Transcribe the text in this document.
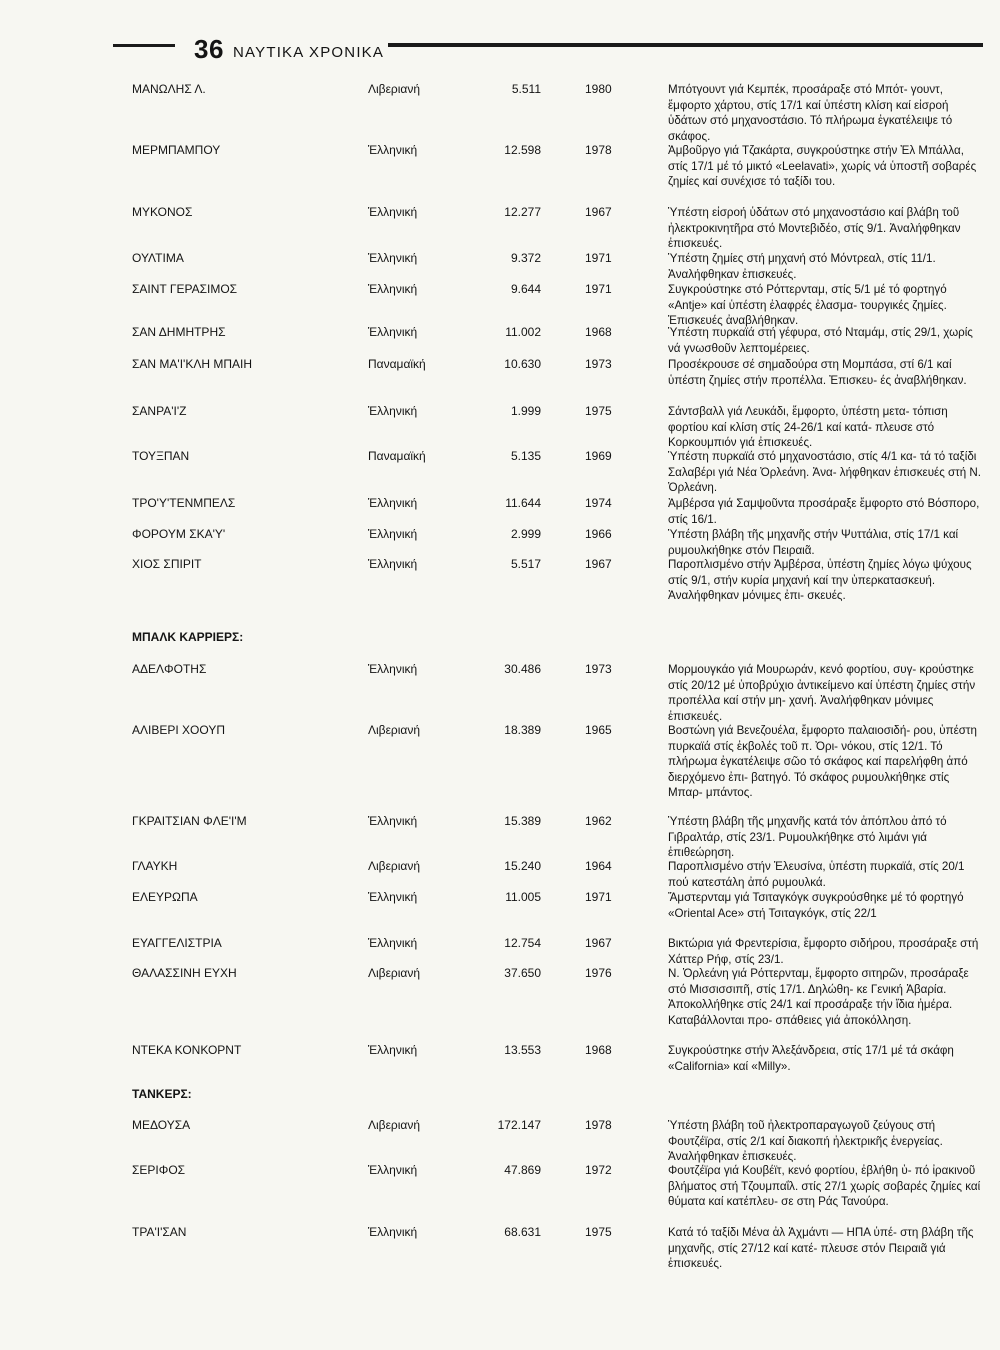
36 ΝΑΥΤΙΚΑ ΧΡΟΝΙΚΑ
ΜΑΝΩΛΗΣ Λ.	Λιβεριανή	5.511	1980	Μπότγουντ γιά Κεμπέκ, προσάραξε στό Μπότ- γουντ, ἔμφορτο χάρτου, στίς 17/1 καί ὑπέστη κλίση καί εἰσροή ὑδάτων στό μηχανοστάσιο. Τό πλήρωμα ἐγκατέλειψε τό σκάφος.
ΜΕΡΜΠΑΜΠΟΥ	Ἑλληνική	12.598	1978	Ἀμβοῦργο γιά Τζακάρτα, συγκρούστηκε στήν Ἐλ Μπάλλα, στίς 17/1 μέ τό μικτό «Leelavati», χωρίς νά ὑποστῆ σοβαρές ζημίες καί συνέχισε τό ταξίδι του.
ΜΥΚΟΝΟΣ	Ἑλληνική	12.277	1967	Ὑπέστη εἰσροή ὑδάτων στό μηχανοστάσιο καί βλάβη τοῦ ἠλεκτροκινητῆρα στό Μοντεβιδέο, στίς 9/1. Ἀναλήφθηκαν ἐπισκευές.
ΟΥΛΤΙΜΑ	Ἑλληνική	9.372	1971	Ὑπέστη ζημίες στή μηχανή στό Μόντρεαλ, στίς 11/1. Ἀναλήφθηκαν ἐπισκευές.
ΣΑΙΝΤ ΓΕΡΑΣΙΜΟΣ	Ἑλληνική	9.644	1971	Συγκρούστηκε στό Ρόττερνταμ, στίς 5/1 μέ τό φορτηγό «Antje» καί ὑπέστη ἐλαφρές ἐλασμα- τουργικές ζημίες. Ἐπισκευές ἀναβλήθηκαν.
ΣΑΝ ΔΗΜΗΤΡΗΣ	Ἑλληνική	11.002	1968	Ὑπέστη πυρκαϊά στή γέφυρα, στό Νταμάμ, στίς 29/1, χωρίς νά γνωσθοῦν λεπτομέρειες.
ΣΑΝ ΜΑ'Ι'ΚΛΗ ΜΠΑΙΗ	Παναμαϊκή	10.630	1973	Προσέκρουσε σέ σημαδούρα στη Μομπάσα, στί 6/1 καί ὑπέστη ζημίες στήν προπέλλα. Ἐπισκευ- ές ἀναβλήθηκαν.
ΣΑΝΡΑ'Ι'Ζ	Ἑλληνική	1.999	1975	Σάντσβαλλ γιά Λευκάδι, ἔμφορτο, ὑπέστη μετα- τόπιση φορτίου καί κλίση στίς 24-26/1 καί κατά- πλευσε στό Κορκουμπιόν γιά ἐπισκευές.
ΤΟΥΞΠΑΝ	Παναμαϊκή	5.135	1969	Ὑπέστη πυρκαϊά στό μηχανοστάσιο, στίς 4/1 κα- τά τό ταξίδι Σαλαβέρι γιά Νέα Ὀρλεάνη. Ἀνα- λήφθηκαν ἐπισκευές στή Ν. Ὀρλεάνη.
ΤΡΟ'Υ'ΤΕΝΜΠΕΛΣ	Ἑλληνική	11.644	1974	Ἀμβέρσα γιά Σαμψοῦντα προσάραξε ἔμφορτο στό Βόσπορο, στίς 16/1.
ΦΟΡΟΥΜ ΣΚΑ'Υ'	Ἑλληνική	2.999	1966	Ὑπέστη βλάβη τῆς μηχανῆς στήν Ψυττάλια, στίς 17/1 καί ρυμουλκήθηκε στόν Πειραιᾶ.
ΧΙΟΣ ΣΠΙΡΙΤ	Ἑλληνική	5.517	1967	Παροπλισμένο στήν Ἀμβέρσα, ὑπέστη ζημίες λόγω ψύχους στίς 9/1, στήν κυρία μηχανή καί την ὑπερκατασκευή. Ἀναλήφθηκαν μόνιμες ἐπι- σκευές.
ΜΠΑΛΚ ΚΑΡΡΙΕΡΣ:
ΑΔΕΛΦΟΤΗΣ	Ἑλληνική	30.486	1973	Μορμουγκάο γιά Μουρωράν, κενό φορτίου, συγ- κρούστηκε στίς 20/12 μέ ὑποβρύχιο ἀντικείμενο καί ὑπέστη ζημίες στήν προπέλλα καί στήν μη- χανή. Ἀναλήφθηκαν μόνιμες ἐπισκευές.
ΑΛΙΒΕΡΙ ΧΟΟΥΠ	Λιβεριανή	18.389	1965	Βοστώνη γιά Βενεζουέλα, ἔμφορτο παλαιοσιδή- ρου, ὑπέστη πυρκαϊά στίς ἐκβολές τοῦ π. Ὀρι- νόκου, στίς 12/1. Τό πλήρωμα ἐγκατέλειψε σῶο τό σκάφος καί παρελήφθη ἀπό διερχόμενο ἐπι- βατηγό. Τό σκάφος ρυμουλκήθηκε στίς Μπαρ- μπάντος.
ΓΚΡΑΙΤΣΙΑΝ ΦΛΕ'Ι'Μ	Ἑλληνική	15.389	1962	Ὑπέστη βλάβη τῆς μηχανῆς κατά τόν ἀπόπλου ἀπό τό Γιβραλτάρ, στίς 23/1. Ρυμουλκήθηκε στό λιμάνι γιά ἐπιθεώρηση.
ΓΛΑΥΚΗ	Λιβεριανή	15.240	1964	Παροπλισμένο στήν Ἐλευσίνα, ὑπέστη πυρκαϊά, στίς 20/1 πού κατεστάλη ἀπό ρυμουλκά.
ΕΛΕΥΡΩΠΑ	Ἑλληνική	11.005	1971	Ἄμστερνταμ γιά Τσιταγκόγκ συγκρούσθηκε μέ τό φορτηγό «Oriental Ace» στή Τσιταγκόγκ, στίς 22/1
ΕΥΑΓΓΕΛΙΣΤΡΙΑ	Ἑλληνική	12.754	1967	Βικτώρια γιά Φρεντερίσια, ἔμφορτο σιδήρου, προσάραξε στή Χάττερ Ρήφ, στίς 23/1.
ΘΑΛΑΣΣΙΝΗ ΕΥΧΗ	Λιβεριανή	37.650	1976	Ν. Ὀρλεάνη γιά Ρόττερνταμ, ἔμφορτο σιτηρῶν, προσάραξε στό Μισσισσιπῆ, στίς 17/1. Δηλώθη- κε Γενική Ἀβαρία. Ἀποκολλήθηκε στίς 24/1 καί προσάραξε τήν ἴδια ἡμέρα. Καταβάλλονται προ- σπάθειες γιά ἀποκόλληση.
ΝΤΕΚΑ ΚΟΝΚΟΡΝΤ	Ἑλληνική	13.553	1968	Συγκρούστηκε στήν Ἀλεξάνδρεια, στίς 17/1 μέ τά σκάφη «California» καί «Milly».
ΤΑΝΚΕΡΣ:
ΜΕΔΟΥΣΑ	Λιβεριανή	172.147	1978	Ὑπέστη βλάβη τοῦ ἠλεκτροπαραγωγοῦ ζεύγους στή Φουτζέϊρα, στίς 2/1 καί διακοπή ἠλεκτρικῆς ἐνεργείας. Ἀναλήφθηκαν ἐπισκευές.
ΣΕΡΙΦΟΣ	Ἑλληνική	47.869	1972	Φουτζέϊρα γιά Κουβέϊτ, κενό φορτίου, ἐβλήθη ὑ- πό ἰρακινοῦ βλήματος στή Τζουμπαΐλ. στίς 27/1 χωρίς σοβαρές ζημίες καί θύματα καί κατέπλευ- σε στη Ράς Τανούρα.
ΤΡΑ'Ι'ΣΑΝ	Ἑλληνική	68.631	1975	Κατά τό ταξίδι Μένα ἀλ Ἀχμάντι — ΗΠΑ ὑπέ- στη βλάβη τῆς μηχανῆς, στίς 27/12 καί κατέ- πλευσε στόν Πειραιᾶ γιά ἐπισκευές.
